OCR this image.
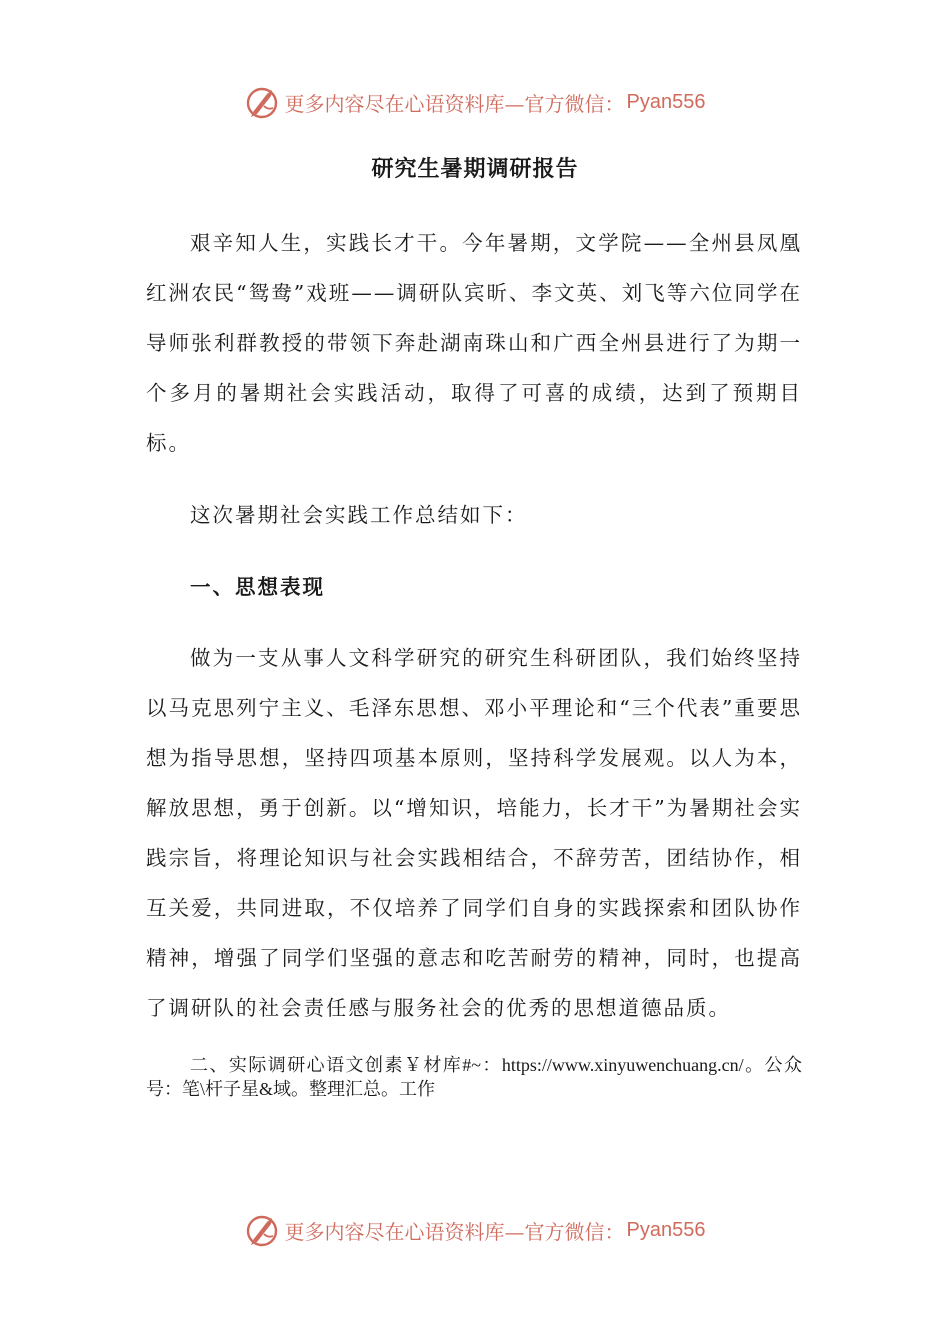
更多内容尽在心语资料库—官方微信： Pyan556
研究生暑期调研报告

艰辛知人生，实践长才干。今年暑期，文学院——全州县凤凰红洲农民“鸳鸯”戏班——调研队宾昕、李文英、刘飞等六位同学在导师张利群教授的带领下奔赴湖南珠山和广西全州县进行了为期一个多月的暑期社会实践活动，取得了可喜的成绩，达到了预期目标。

这次暑期社会实践工作总结如下：

一、思想表现

做为一支从事人文科学研究的研究生科研团队，我们始终坚持以马克思列宁主义、毛泽东思想、邓小平理论和“三个代表”重要思想为指导思想，坚持四项基本原则，坚持科学发展观。以人为本，解放思想，勇于创新。以“增知识，培能力，长才干”为暑期社会实践宗旨，将理论知识与社会实践相结合，不辞劳苦，团结协作，相互关爱，共同进取，不仅培养了同学们自身的实践探索和团队协作精神，增强了同学们坚强的意志和吃苦耐劳的精神，同时，也提高了调研队的社会责任感与服务社会的优秀的思想道德品质。

二、实际调研心语文创素￥材库#~：https://www.xinyuwenchuang.cn/。公众号：笔\杆子星&域。整理汇总。工作

更多内容尽在心语资料库—官方微信： Pyan556
